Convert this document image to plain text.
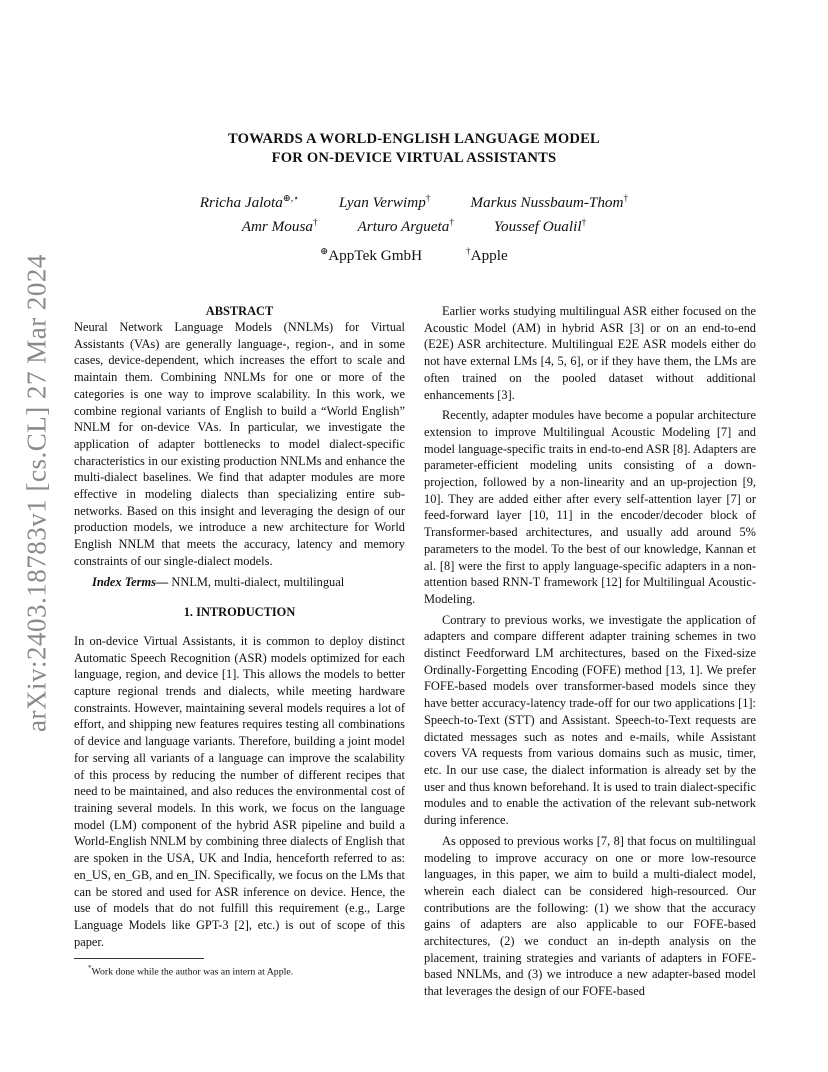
arXiv:2403.18783v1 [cs.CL] 27 Mar 2024
TOWARDS A WORLD-ENGLISH LANGUAGE MODEL
FOR ON-DEVICE VIRTUAL ASSISTANTS
Rricha Jalota⊕,⋆	Lyan Verwimp†	Markus Nussbaum-Thom†
Amr Mousa†	Arturo Argueta†	Youssef Oualil†
⊕AppTek GmbH	†Apple
ABSTRACT

Neural Network Language Models (NNLMs) for Virtual Assistants (VAs) are generally language-, region-, and in some cases, device-dependent, which increases the effort to scale and maintain them. Combining NNLMs for one or more of the categories is one way to improve scalability. In this work, we combine regional variants of English to build a “World English” NNLM for on-device VAs. In particular, we investigate the application of adapter bottlenecks to model dialect-specific characteristics in our existing production NNLMs and enhance the multi-dialect baselines. We find that adapter modules are more effective in modeling dialects than specializing entire sub-networks. Based on this insight and leveraging the design of our production models, we introduce a new architecture for World English NNLM that meets the accuracy, latency and memory constraints of our single-dialect models.

Index Terms— NNLM, multi-dialect, multilingual

1. INTRODUCTION

In on-device Virtual Assistants, it is common to deploy distinct Automatic Speech Recognition (ASR) models optimized for each language, region, and device [1]. This allows the models to better capture regional trends and dialects, while meeting hardware constraints. However, maintaining several models requires a lot of effort, and shipping new features requires testing all combinations of device and language variants. Therefore, building a joint model for serving all variants of a language can improve the scalability of this process by reducing the number of different recipes that need to be maintained, and also reduces the environmental cost of training several models. In this work, we focus on the language model (LM) component of the hybrid ASR pipeline and build a World-English NNLM by combining three dialects of English that are spoken in the USA, UK and India, henceforth referred to as: en_US, en_GB, and en_IN. Specifically, we focus on the LMs that can be stored and used for ASR inference on device. Hence, the use of models that do not fulfill this requirement (e.g., Large Language Models like GPT-3 [2], etc.) is out of scope of this paper.

*Work done while the author was an intern at Apple.

Earlier works studying multilingual ASR either focused on the Acoustic Model (AM) in hybrid ASR [3] or on an end-to-end (E2E) ASR architecture. Multilingual E2E ASR models either do not have external LMs [4, 5, 6], or if they have them, the LMs are often trained on the pooled dataset without additional enhancements [3].

Recently, adapter modules have become a popular architecture extension to improve Multilingual Acoustic Modeling [7] and model language-specific traits in end-to-end ASR [8]. Adapters are parameter-efficient modeling units consisting of a down-projection, followed by a non-linearity and an up-projection [9, 10]. They are added either after every self-attention layer [7] or feed-forward layer [10, 11] in the encoder/decoder block of Transformer-based architectures, and usually add around 5% parameters to the model. To the best of our knowledge, Kannan et al. [8] were the first to apply language-specific adapters in a non-attention based RNN-T framework [12] for Multilingual Acoustic-Modeling.

Contrary to previous works, we investigate the application of adapters and compare different adapter training schemes in two distinct Feedforward LM architectures, based on the Fixed-size Ordinally-Forgetting Encoding (FOFE) method [13, 1]. We prefer FOFE-based models over transformer-based models since they have better accuracy-latency trade-off for our two applications [1]: Speech-to-Text (STT) and Assistant. Speech-to-Text requests are dictated messages such as notes and e-mails, while Assistant covers VA requests from various domains such as music, timer, etc. In our use case, the dialect information is already set by the user and thus known beforehand. It is used to train dialect-specific modules and to enable the activation of the relevant sub-network during inference.

As opposed to previous works [7, 8] that focus on multilingual modeling to improve accuracy on one or more low-resource languages, in this paper, we aim to build a multi-dialect model, wherein each dialect can be considered high-resourced. Our contributions are the following: (1) we show that the accuracy gains of adapters are also applicable to our FOFE-based architectures, (2) we conduct an in-depth analysis on the placement, training strategies and variants of adapters in FOFE-based NNLMs, and (3) we introduce a new adapter-based model that leverages the design of our FOFE-based
